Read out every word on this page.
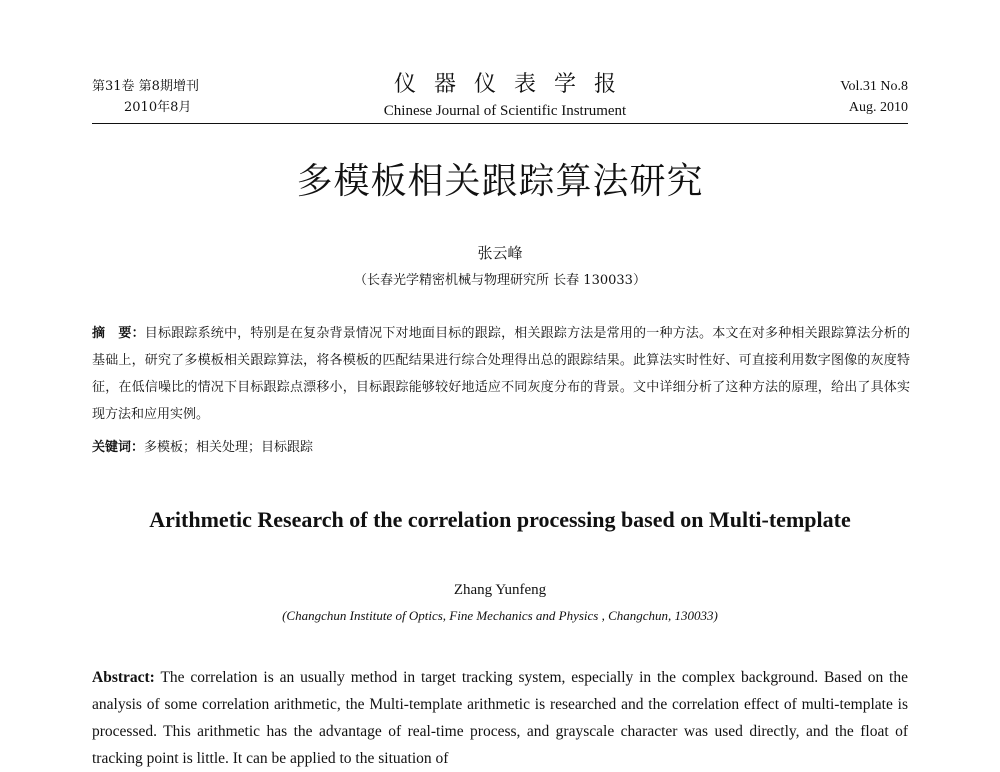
第31卷 第8期增刊
2010年8月
仪器仪表学报
Chinese Journal of Scientific Instrument
Vol.31 No.8
Aug. 2010
多模板相关跟踪算法研究
张云峰
（长春光学精密机械与物理研究所 长春 130033）
摘　要：目标跟踪系统中，特别是在复杂背景情况下对地面目标的跟踪，相关跟踪方法是常用的一种方法。本文在对多种相关跟踪算法分析的基础上，研究了多模板相关跟踪算法，将各模板的匹配结果进行综合处理得出总的跟踪结果。此算法实时性好、可直接利用数字图像的灰度特征，在低信噪比的情况下目标跟踪点漂移小，目标跟踪能够较好地适应不同灰度分布的背景。文中详细分析了这种方法的原理，给出了具体实现方法和应用实例。
关键词：多模板；相关处理；目标跟踪
Arithmetic Research of the correlation processing based on Multi-template
Zhang Yunfeng
(Changchun Institute of Optics, Fine Mechanics and Physics , Changchun, 130033)
Abstract: The correlation is an usually method in target tracking system, especially in the complex background. Based on the analysis of some correlation arithmetic, the Multi-template arithmetic is researched and the correlation effect of multi-template is processed. This arithmetic has the advantage of real-time process, and grayscale character was used directly, and the float of tracking point is little. It can be applied to the situation of
